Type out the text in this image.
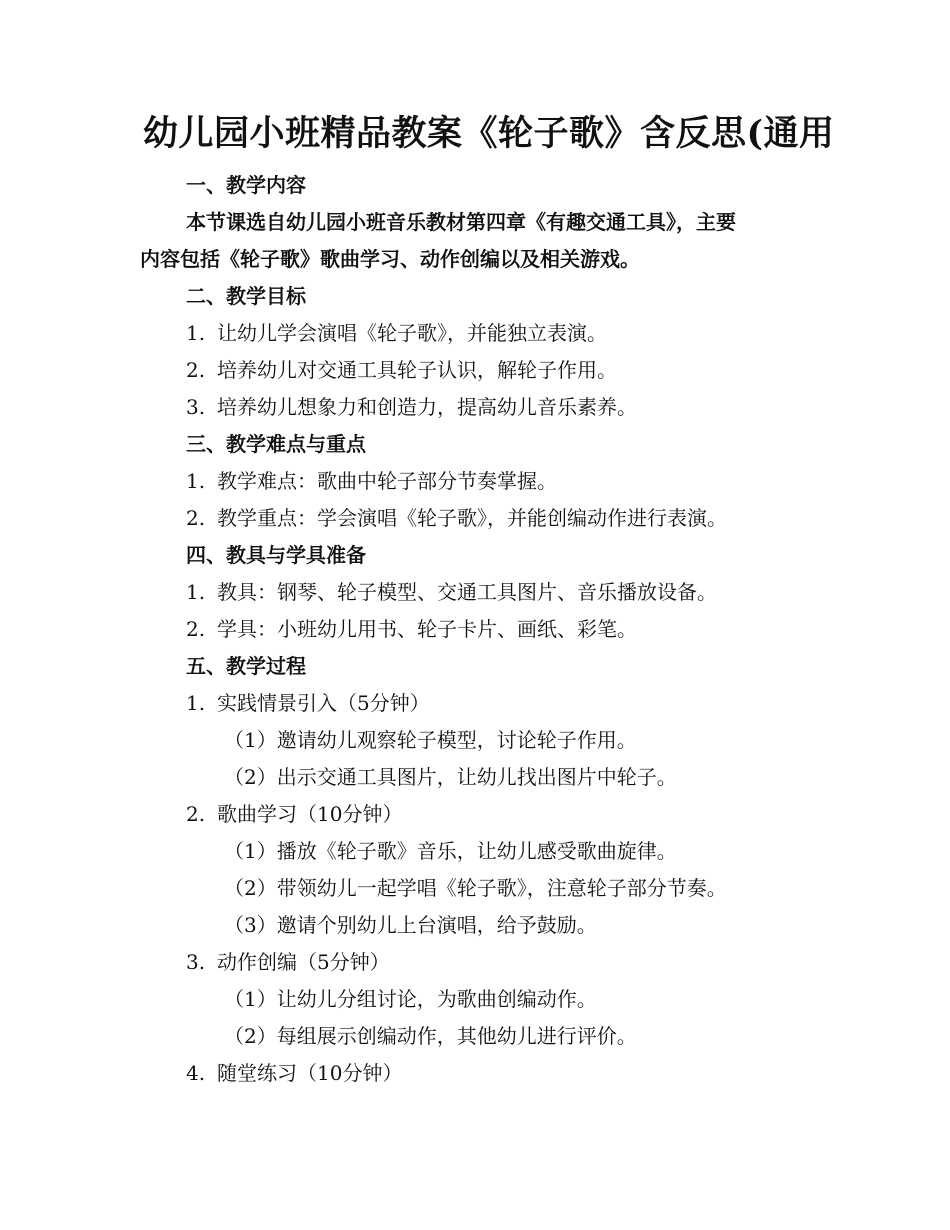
幼儿园小班精品教案《轮子歌》含反思(通用
一、教学内容
本节课选自幼儿园小班音乐教材第四章《有趣交通工具》，主要
内容包括《轮子歌》歌曲学习、动作创编以及相关游戏。
二、教学目标
1. 让幼儿学会演唱《轮子歌》，并能独立表演。
2. 培养幼儿对交通工具轮子认识，解轮子作用。
3. 培养幼儿想象力和创造力，提高幼儿音乐素养。
三、教学难点与重点
1. 教学难点：歌曲中轮子部分节奏掌握。
2. 教学重点：学会演唱《轮子歌》，并能创编动作进行表演。
四、教具与学具准备
1. 教具：钢琴、轮子模型、交通工具图片、音乐播放设备。
2. 学具：小班幼儿用书、轮子卡片、画纸、彩笔。
五、教学过程
1. 实践情景引入（5分钟）
（1）邀请幼儿观察轮子模型，讨论轮子作用。
（2）出示交通工具图片，让幼儿找出图片中轮子。
2. 歌曲学习（10分钟）
（1）播放《轮子歌》音乐，让幼儿感受歌曲旋律。
（2）带领幼儿一起学唱《轮子歌》，注意轮子部分节奏。
（3）邀请个别幼儿上台演唱，给予鼓励。
3. 动作创编（5分钟）
（1）让幼儿分组讨论，为歌曲创编动作。
（2）每组展示创编动作，其他幼儿进行评价。
4. 随堂练习（10分钟）
